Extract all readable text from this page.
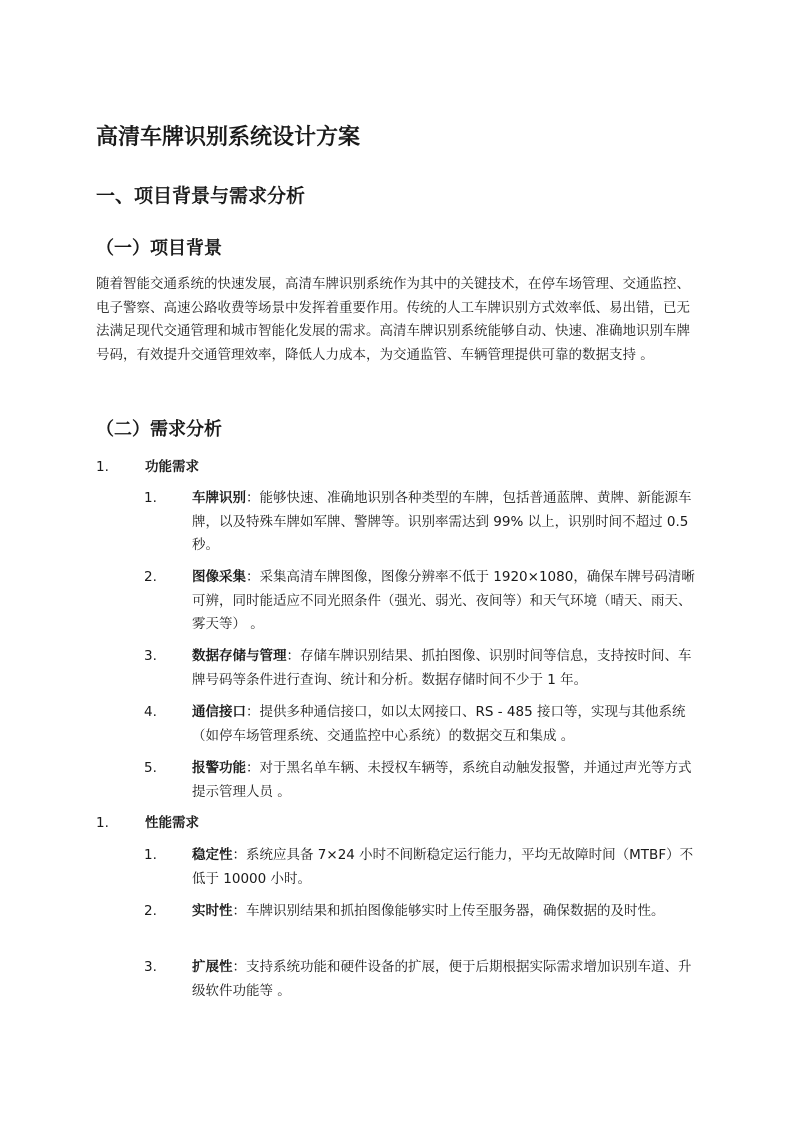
高清车牌识别系统设计方案
一、项目背景与需求分析
（一）项目背景

随着智能交通系统的快速发展，高清车牌识别系统作为其中的关键技术，在停车场管理、交通监控、电子警察、高速公路收费等场景中发挥着重要作用。传统的人工车牌识别方式效率低、易出错，已无法满足现代交通管理和城市智能化发展的需求。高清车牌识别系统能够自动、快速、准确地识别车牌号码，有效提升交通管理效率，降低人力成本，为交通监管、车辆管理提供可靠的数据支持 。

（二）需求分析
1.	功能需求
1.	车牌识别：能够快速、准确地识别各种类型的车牌，包括普通蓝牌、黄牌、新能源车牌，以及特殊车牌如军牌、警牌等。识别率需达到 99% 以上，识别时间不超过 0.5 秒。
2.	图像采集：采集高清车牌图像，图像分辨率不低于 1920×1080，确保车牌号码清晰可辨，同时能适应不同光照条件（强光、弱光、夜间等）和天气环境（晴天、雨天、雾天等） 。
3.	数据存储与管理：存储车牌识别结果、抓拍图像、识别时间等信息，支持按时间、车牌号码等条件进行查询、统计和分析。数据存储时间不少于 1 年。
4.	通信接口：提供多种通信接口，如以太网接口、RS - 485 接口等，实现与其他系统（如停车场管理系统、交通监控中心系统）的数据交互和集成 。
5.	报警功能：对于黑名单车辆、未授权车辆等，系统自动触发报警，并通过声光等方式提示管理人员 。
1.	性能需求
1.	稳定性：系统应具备 7×24 小时不间断稳定运行能力，平均无故障时间（MTBF）不低于 10000 小时。
2.	实时性：车牌识别结果和抓拍图像能够实时上传至服务器，确保数据的及时性。
3.	扩展性：支持系统功能和硬件设备的扩展，便于后期根据实际需求增加识别车道、升级软件功能等 。
